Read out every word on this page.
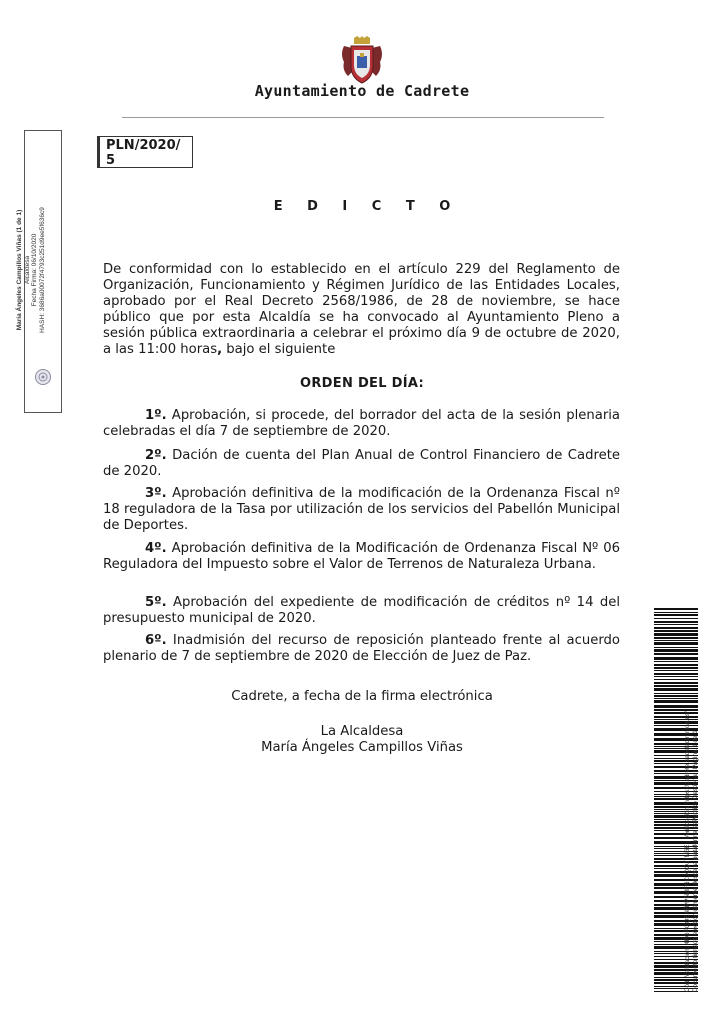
Ayuntamiento de Cadrete
PLN/2020/
5
E D I C T O

De conformidad con lo establecido en el artículo 229 del Reglamento de Organización, Funcionamiento y Régimen Jurídico de las Entidades Locales, aprobado por el Real Decreto 2568/1986, de 28 de noviembre, se hace público que por esta Alcaldía se ha convocado al Ayuntamiento Pleno a sesión pública extraordinaria a celebrar el próximo día 9 de octubre de 2020, a las 11:00 horas, bajo el siguiente

ORDEN DEL DÍA:

1º. Aprobación, si procede, del borrador del acta de la sesión plenaria celebradas el día 7 de septiembre de 2020.

2º. Dación de cuenta del Plan Anual de Control Financiero de Cadrete de 2020.

3º. Aprobación definitiva de la modificación de la Ordenanza Fiscal nº 18 reguladora de la Tasa por utilización de los servicios del Pabellón Municipal de Deportes.

4º. Aprobación definitiva de la Modificación de Ordenanza Fiscal Nº 06 Reguladora del Impuesto sobre el Valor de Terrenos de Naturaleza Urbana.

5º. Aprobación del expediente de modificación de créditos nº 14 del presupuesto municipal de 2020.

6º. Inadmisión del recurso de reposición planteado frente al acuerdo plenario de 7 de septiembre de 2020 de Elección de Juez de Paz.

Cadrete, a fecha de la firma electrónica
La Alcaldesa
María Ángeles Campillos Viñas
María Ángeles Campillos Viñas (1 de 1) Alcaldesa Fecha Firma: 06/10/2020 HASH: 3686a00072f4793c251d9ee5f636c9
Cód. Validación: 4PGPCQE4FPP5MFNCJQQJ7M6E | Verificación: https://cadrete.sedelectronica.es/ Documento firmado electrónicamente desde la plataforma esPublico Gestiona | Página 1 de 1
